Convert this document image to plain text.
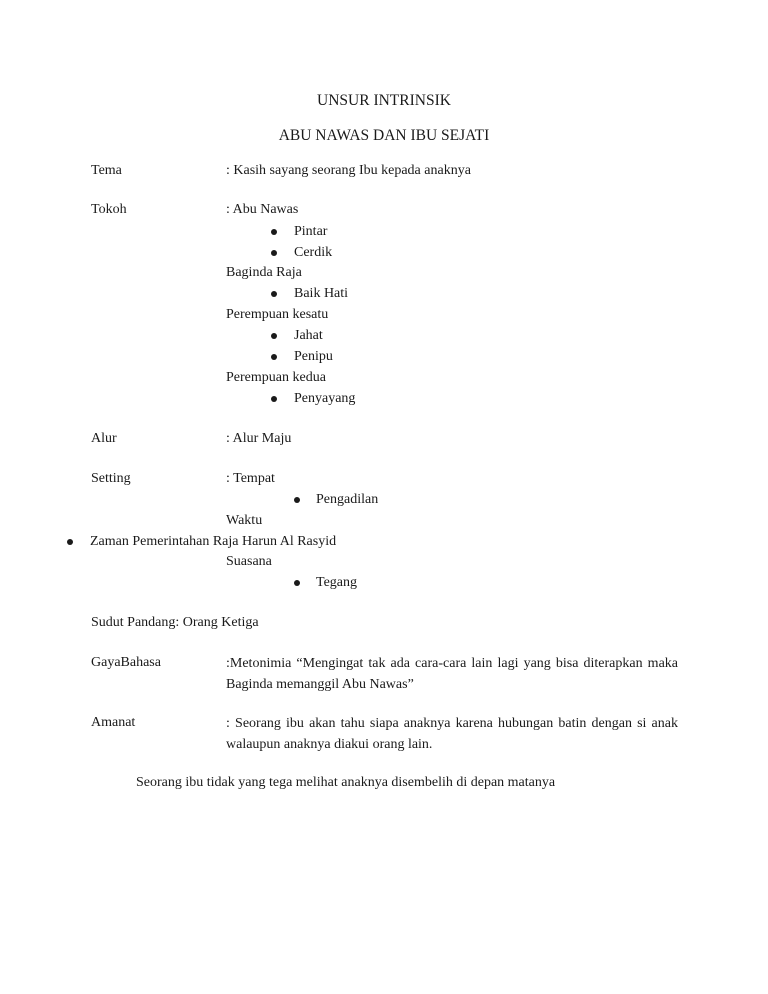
UNSUR INTRINSIK
ABU NAWAS DAN IBU SEJATI
Tema	: Kasih sayang seorang Ibu kepada anaknya
Tokoh	: Abu Nawas
Pintar
Cerdik
Baginda Raja
Baik Hati
Perempuan kesatu
Jahat
Penipu
Perempuan kedua
Penyayang
Alur	: Alur Maju
Setting	: Tempat
Pengadilan
Waktu
Zaman Pemerintahan Raja Harun Al Rasyid
Suasana
Tegang
Sudut Pandang: Orang Ketiga
GayaBahasa	:Metonimia “Mengingat tak ada cara-cara lain lagi yang bisa diterapkan maka Baginda memanggil Abu Nawas”
Amanat	: Seorang ibu akan tahu siapa anaknya karena hubungan batin dengan si anak walaupun anaknya diakui orang lain.
Seorang ibu tidak yang tega melihat anaknya disembelih di depan matanya
